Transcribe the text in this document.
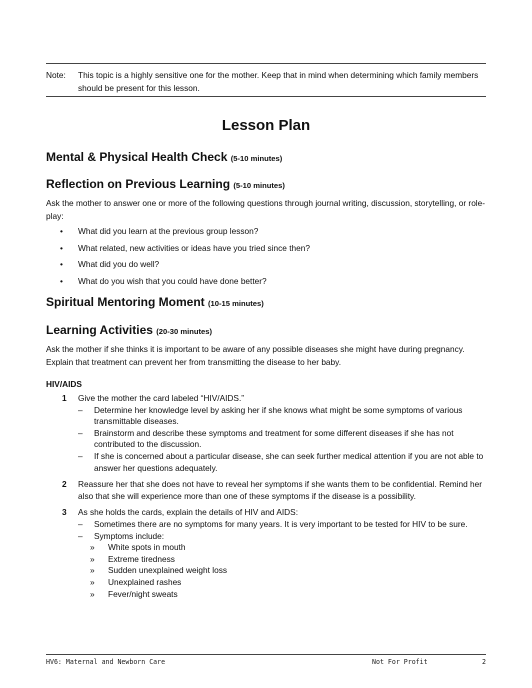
Note: This topic is a highly sensitive one for the mother. Keep that in mind when determining which family members should be present for this lesson.
Lesson Plan
Mental & Physical Health Check (5-10 minutes)
Reflection on Previous Learning (5-10 minutes)
Ask the mother to answer one or more of the following questions through journal writing, discussion, storytelling, or role-play:
• What did you learn at the previous group lesson?
• What related, new activities or ideas have you tried since then?
• What did you do well?
• What do you wish that you could have done better?
Spiritual Mentoring Moment (10-15 minutes)
Learning Activities (20-30 minutes)
Ask the mother if she thinks it is important to be aware of any possible diseases she might have during pregnancy. Explain that treatment can prevent her from transmitting the disease to her baby.
HIV/AIDS
1 Give the mother the card labeled “HIV/AIDS.”
– Determine her knowledge level by asking her if she knows what might be some symptoms of various transmittable diseases.
– Brainstorm and describe these symptoms and treatment for some different diseases if she has not contributed to the discussion.
– If she is concerned about a particular disease, she can seek further medical attention if you are not able to answer her questions adequately.
2 Reassure her that she does not have to reveal her symptoms if she wants them to be confidential. Remind her also that she will experience more than one of these symptoms if the disease is a possibility.
3 As she holds the cards, explain the details of HIV and AIDS:
– Sometimes there are no symptoms for many years. It is very important to be tested for HIV to be sure.
– Symptoms include:
» White spots in mouth
» Extreme tiredness
» Sudden unexplained weight loss
» Unexplained rashes
» Fever/night sweats
HV6: Maternal and Newborn Care	Not For Profit	2
